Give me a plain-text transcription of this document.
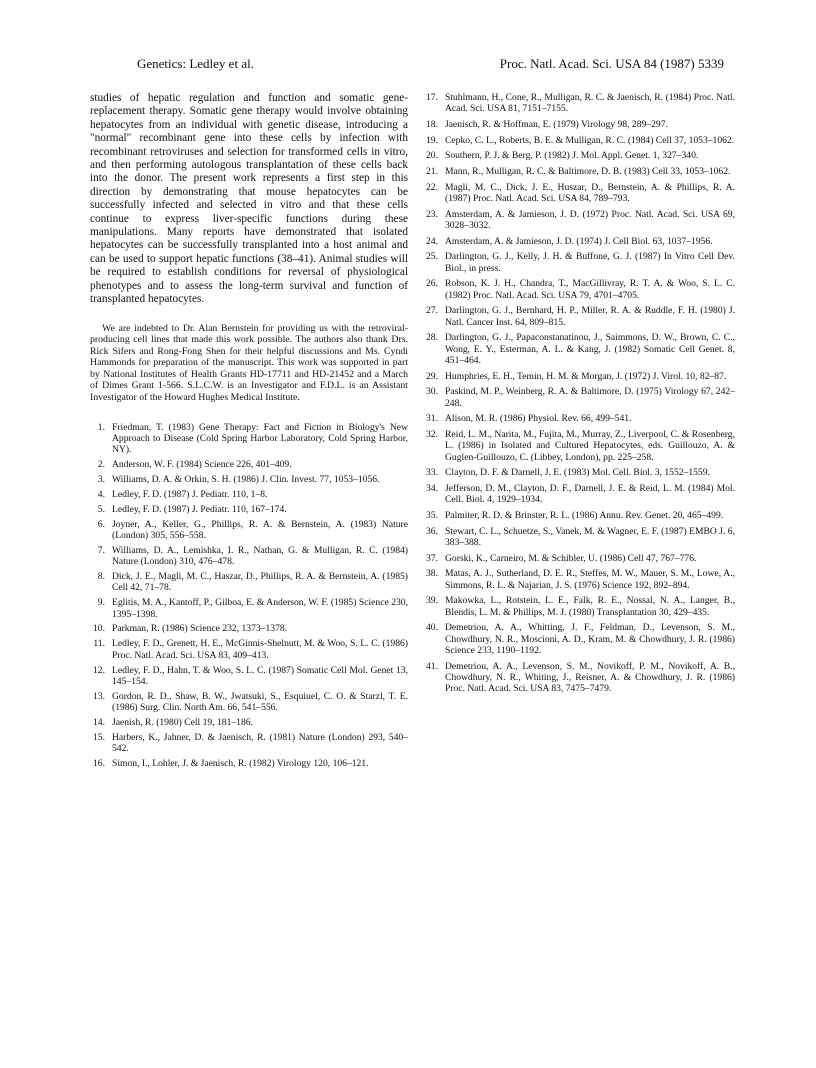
Genetics: Ledley et al.	Proc. Natl. Acad. Sci. USA 84 (1987) 5339

studies of hepatic regulation and function and somatic gene-replacement therapy. Somatic gene therapy would involve obtaining hepatocytes from an individual with genetic disease, introducing a "normal" recombinant gene into these cells by infection with recombinant retroviruses and selection for transformed cells in vitro, and then performing autologous transplantation of these cells back into the donor. The present work represents a first step in this direction by demonstrating that mouse hepatocytes can be successfully infected and selected in vitro and that these cells continue to express liver-specific functions during these manipulations. Many reports have demonstrated that isolated hepatocytes can be successfully transplanted into a host animal and can be used to support hepatic functions (38–41). Animal studies will be required to establish conditions for reversal of physiological phenotypes and to assess the long-term survival and function of transplanted hepatocytes.

We are indebted to Dr. Alan Bernstein for providing us with the retroviral-producing cell lines that made this work possible. The authors also thank Drs. Rick Sifers and Rong-Fong Shen for their helpful discussions and Ms. Cyndi Hammonds for preparation of the manuscript. This work was supported in part by National Institutes of Health Grants HD-17711 and HD-21452 and a March of Dimes Grant 1-566. S.L.C.W. is an Investigator and F.D.L. is an Assistant Investigator of the Howard Hughes Medical Institute.

1. Friedman, T. (1983) Gene Therapy: Fact and Fiction in Biology's New Approach to Disease (Cold Spring Harbor Laboratory, Cold Spring Harbor, NY).
2. Anderson, W. F. (1984) Science 226, 401–409.
3. Williams, D. A. & Orkin, S. H. (1986) J. Clin. Invest. 77, 1053–1056.
4. Ledley, F. D. (1987) J. Pediatr. 110, 1–8.
5. Ledley, F. D. (1987) J. Pediatr. 110, 167–174.
6. Joyner, A., Keller, G., Phillips, R. A. & Bernstein, A. (1983) Nature (London) 305, 556–558.
7. Williams, D. A., Lemishka, I. R., Nathan, G. & Mulligan, R. C. (1984) Nature (London) 310, 476–478.
8. Dick, J. E., Magli, M. C., Haszar, D., Phillips, R. A. & Bernstein, A. (1985) Cell 42, 71–78.
9. Eglitis, M. A., Kantoff, P., Gilboa, E. & Anderson, W. F. (1985) Science 230, 1395–1398.
10. Parkman, R. (1986) Science 232, 1373–1378.
11. Ledley, F. D., Grenett, H. E., McGinnis-Shelnutt, M. & Woo, S. L. C. (1986) Proc. Natl. Acad. Sci. USA 83, 409–413.
12. Ledley, F. D., Hahn, T. & Woo, S. L. C. (1987) Somatic Cell Mol. Genet 13, 145–154.
13. Gordon, R. D., Shaw, B. W., Jwatsuki, S., Esquiuel, C. O. & Starzl, T. E. (1986) Surg. Clin. North Am. 66, 541–556.
14. Jaenish, R. (1980) Cell 19, 181–186.
15. Harbers, K., Jahner, D. & Jaenisch, R. (1981) Nature (London) 293, 540–542.
16. Simon, I., Lohler, J. & Jaenisch, R. (1982) Virology 120, 106–121.
17. Stuhlmann, H., Cone, R., Mulligan, R. C. & Jaenisch, R. (1984) Proc. Natl. Acad. Sci. USA 81, 7151–7155.
18. Jaenisch, R. & Hoffman, E. (1979) Virology 98, 289–297.
19. Cepko, C. L., Roberts, B. E. & Mulligan, R. C. (1984) Cell 37, 1053–1062.
20. Southern, P. J. & Berg, P. (1982) J. Mol. Appl. Genet. 1, 327–340.
21. Mann, R., Mulligan, R. C. & Baltimore, D. B. (1983) Cell 33, 1053–1062.
22. Magli, M. C., Dick, J. E., Huszar, D., Bernstein, A. & Phillips, R. A. (1987) Proc. Natl. Acad. Sci. USA 84, 789–793.
23. Amsterdam, A. & Jamieson, J. D. (1972) Proc. Natl. Acad. Sci. USA 69, 3028–3032.
24. Amsterdam, A. & Jamieson, J. D. (1974) J. Cell Biol. 63, 1037–1956.
25. Darlington, G. J., Kelly, J. H. & Buffone, G. J. (1987) In Vitro Cell Dev. Biol., in press.
26. Robson, K. J. H., Chandra, T., MacGillivray, R. T. A. & Woo, S. L. C. (1982) Proc. Natl. Acad. Sci. USA 79, 4701–4705.
27. Darlington, G. J., Bernhard, H. P., Miller, R. A. & Ruddle, F. H. (1980) J. Natl. Cancer Inst. 64, 809–815.
28. Darlington, G. J., Papaconstanatinou, J., Saimmons, D. W., Brown, C. C., Wong, E. Y., Esterman, A. L. & Kang, J. (1982) Somatic Cell Genet. 8, 451–464.
29. Humphries, E. H., Temin, H. M. & Morgan, J. (1972) J. Virol. 10, 82–87.
30. Paskind, M. P., Weinberg, R. A. & Baltimore, D. (1975) Virology 67, 242–248.
31. Alison, M. R. (1986) Physiol. Rev. 66, 499–541.
32. Reid, L. M., Narita, M., Fujita, M., Murray, Z., Liverpool, C. & Rosenberg, L. (1986) in Isolated and Cultured Hepatocytes, eds. Guillouzo, A. & Guglen-Guillouzo, C. (Libbey, London), pp. 225–258.
33. Clayton, D. F. & Darnell, J. E. (1983) Mol. Cell. Biol. 3, 1552–1559.
34. Jefferson, D. M., Clayton, D. F., Darnell, J. E. & Reid, L. M. (1984) Mol. Cell. Biol. 4, 1929–1934.
35. Palmiter, R. D. & Brinster, R. L. (1986) Annu. Rev. Genet. 20, 465–499.
36. Stewart, C. L., Schuetze, S., Vanek, M. & Wagner, E. F. (1987) EMBO J. 6, 383–388.
37. Gorski, K., Carneiro, M. & Schibler, U. (1986) Cell 47, 767–776.
38. Matas, A. J., Sutherland, D. E. R., Steffes, M. W., Mauer, S. M., Lowe, A., Simmons, R. L. & Najarian, J. S. (1976) Science 192, 892–894.
39. Makowka, L., Rotstein, L. E., Falk, R. E., Nossal, N. A., Langer, B., Blendis, L. M. & Phillips, M. J. (1980) Transplantation 30, 429–435.
40. Demetriou, A. A., Whitting, J. F., Feldman, D., Levenson, S. M., Chowdhury, N. R., Moscioni, A. D., Kram, M. & Chowdhury, J. R. (1986) Science 233, 1190–1192.
41. Demetriou, A. A., Levenson, S. M., Novikoff, P. M., Novikoff, A. B., Chowdhury, N. R., Whiting, J., Reisner, A. & Chowdhury, J. R. (1986) Proc. Natl. Acad. Sci. USA 83, 7475–7479.
